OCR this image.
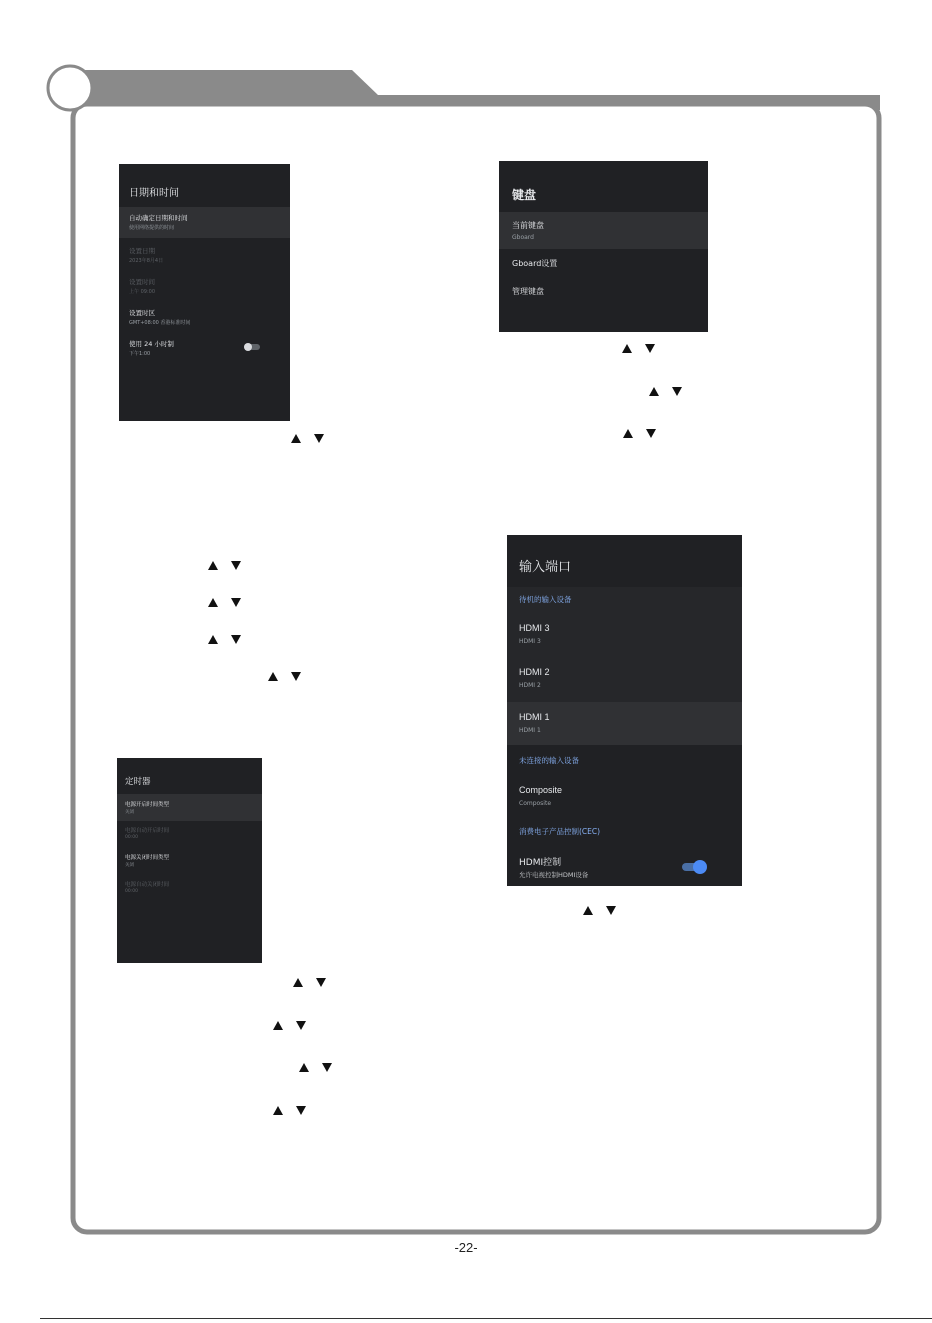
日期和时间
自动确定日期和时间
使用网络提供的时间
设置日期
2023年8月4日
设置时间
上午 09:00
设置时区
GMT+08:00 香港标准时间
使用 24 小时制
下午1:00
键盘
当前键盘
Gboard
Gboard设置
管理键盘
定时器
电源开启时间类型
关闭
电源自动开启时间
00:00
电源关闭时间类型
关闭
电源自动关闭时间
00:00
输入端口
待机的输入设备
HDMI 3
HDMI 3
HDMI 2
HDMI 2
HDMI 1
HDMI 1
未连接的输入设备
Composite
Composite
消费电子产品控制(CEC)
HDMI控制
允许电视控制HDMI设备
-22-
